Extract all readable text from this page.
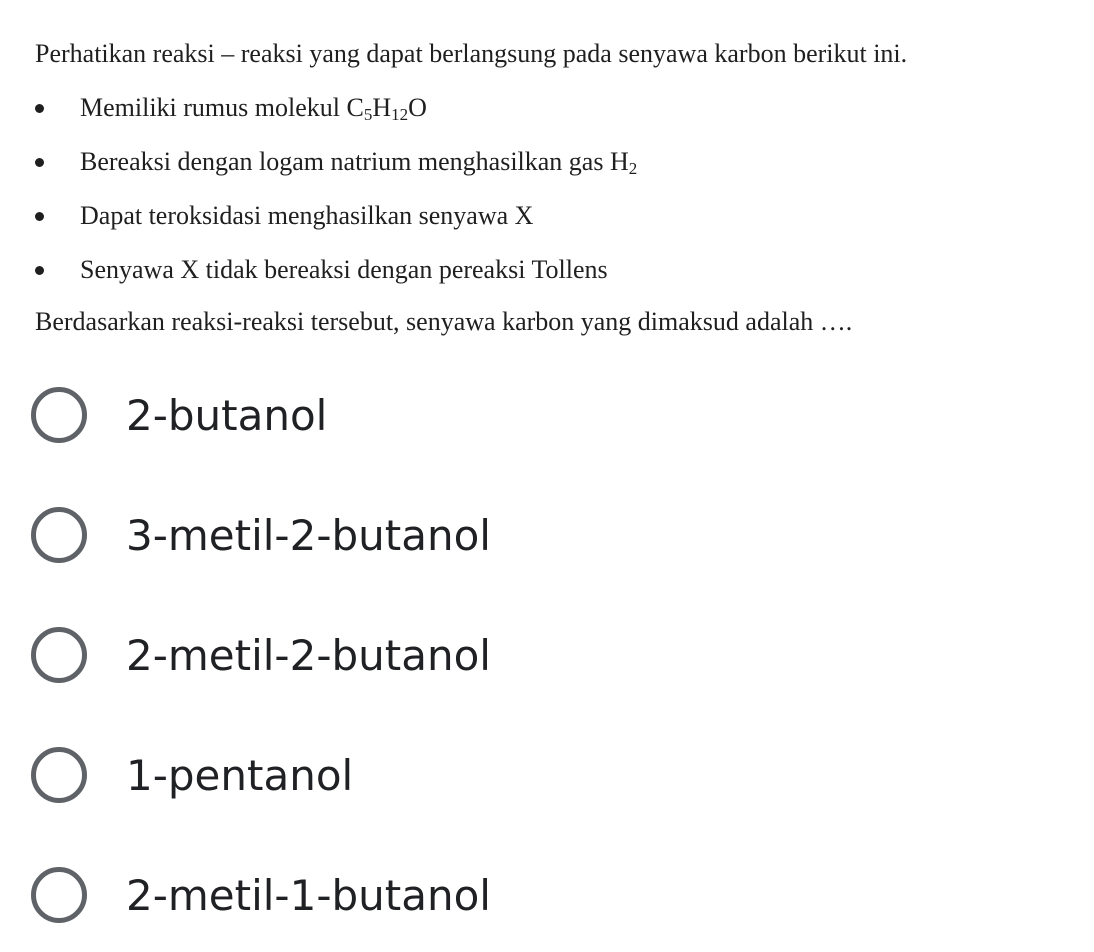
Perhatikan reaksi – reaksi yang dapat berlangsung pada senyawa karbon berikut ini.
Memiliki rumus molekul $C_5H_{12}O$
Bereaksi dengan logam natrium menghasilkan gas $H_2$
Dapat teroksidasi menghasilkan senyawa X
Senyawa X tidak bereaksi dengan pereaksi Tollens
Berdasarkan reaksi-reaksi tersebut, senyawa karbon yang dimaksud adalah ….
2-butanol
3-metil-2-butanol
2-metil-2-butanol
1-pentanol
2-metil-1-butanol
